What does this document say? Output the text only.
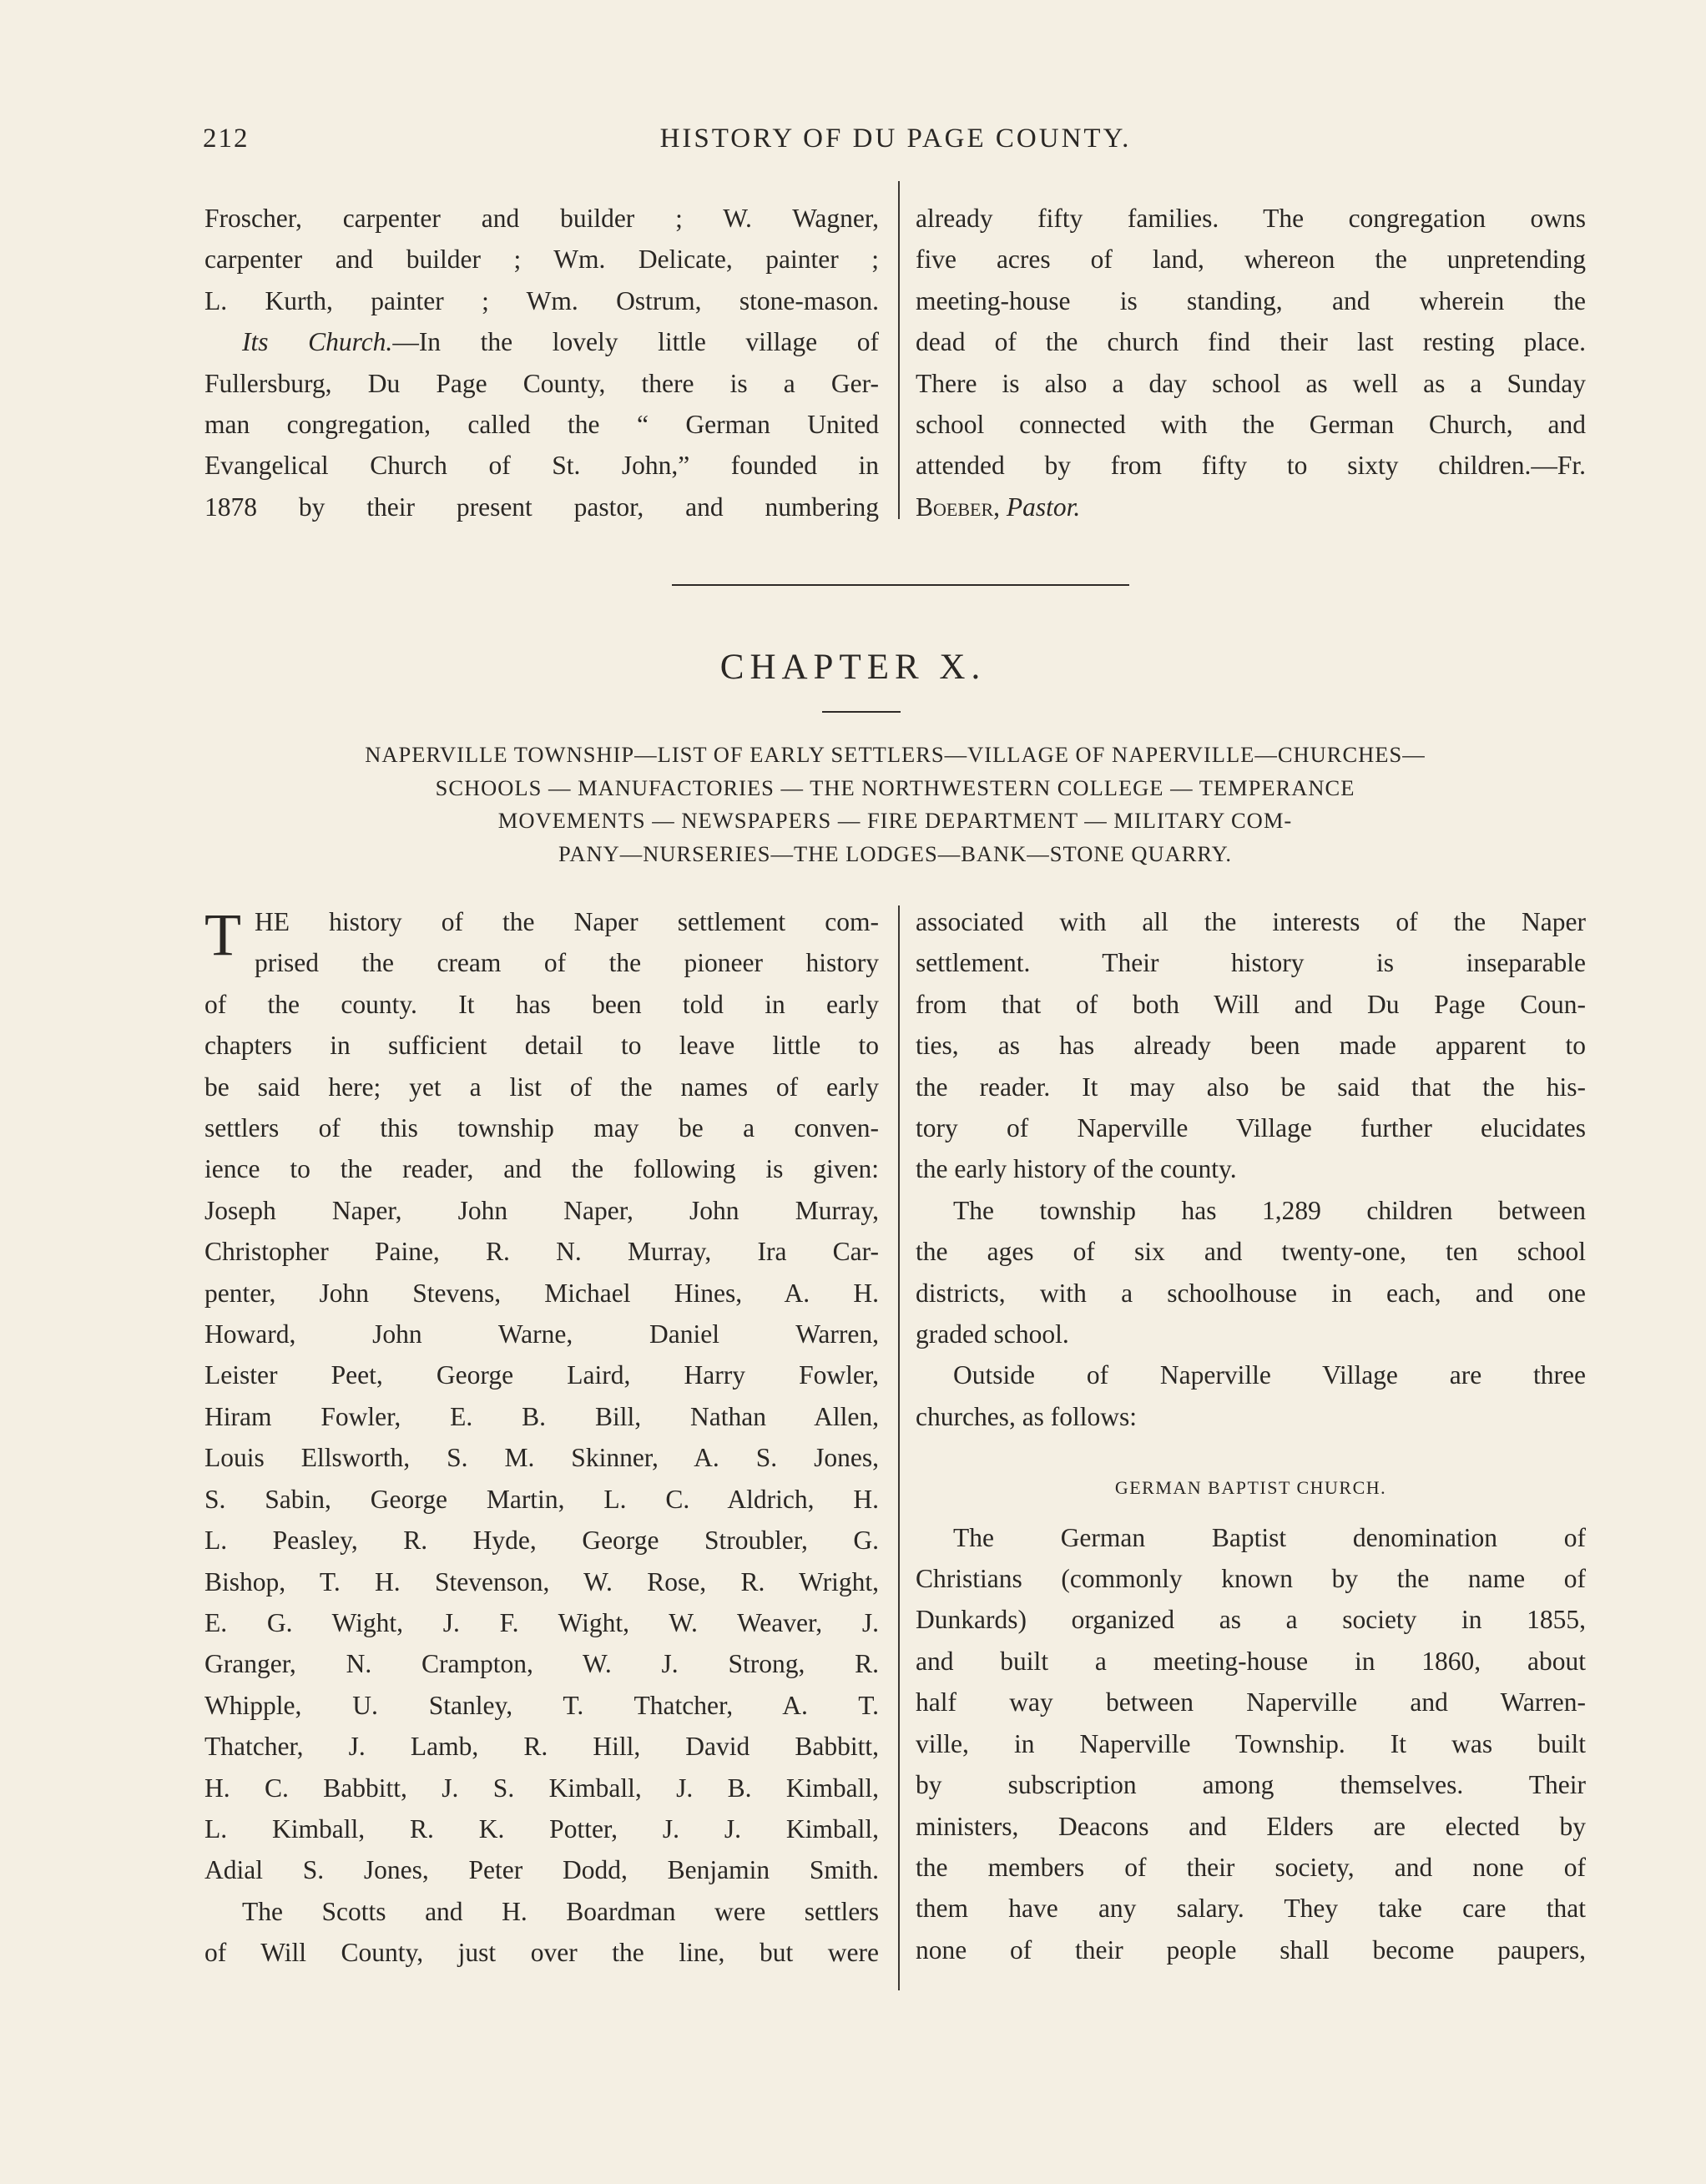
212	HISTORY OF DU PAGE COUNTY.
Froscher, carpenter and builder ; W. Wagner,
carpenter and builder ; Wm. Delicate, painter ;
L. Kurth, painter ; Wm. Ostrum, stone-mason.
Its Church.—In the lovely little village of
Fullersburg, Du Page County, there is a Ger-
man congregation, called the “ German United
Evangelical Church of St. John,” founded in
1878 by their present pastor, and numbering
already fifty families. The congregation owns
five acres of land, whereon the unpretending
meeting-house is standing, and wherein the
dead of the church find their last resting place.
There is also a day school as well as a Sunday
school connected with the German Church, and
attended by from fifty to sixty children.—Fr.
Boeber, Pastor.
CHAPTER X.
NAPERVILLE TOWNSHIP—LIST OF EARLY SETTLERS—VILLAGE OF NAPERVILLE—CHURCHES—
SCHOOLS — MANUFACTORIES — THE NORTHWESTERN COLLEGE — TEMPERANCE
MOVEMENTS — NEWSPAPERS — FIRE DEPARTMENT — MILITARY COM-
PANY—NURSERIES—THE LODGES—BANK—STONE QUARRY.
T HE history of the Naper settlement com-
prised the cream of the pioneer history
of the county. It has been told in early
chapters in sufficient detail to leave little to
be said here; yet a list of the names of early
settlers of this township may be a conven-
ience to the reader, and the following is given:
Joseph Naper, John Naper, John Murray,
Christopher Paine, R. N. Murray, Ira Car-
penter, John Stevens, Michael Hines, A. H.
Howard, John Warne, Daniel Warren,
Leister Peet, George Laird, Harry Fowler,
Hiram Fowler, E. B. Bill, Nathan Allen,
Louis Ellsworth, S. M. Skinner, A. S. Jones,
S. Sabin, George Martin, L. C. Aldrich, H.
L. Peasley, R. Hyde, George Stroubler, G.
Bishop, T. H. Stevenson, W. Rose, R. Wright,
E. G. Wight, J. F. Wight, W. Weaver, J.
Granger, N. Crampton, W. J. Strong, R.
Whipple, U. Stanley, T. Thatcher, A. T.
Thatcher, J. Lamb, R. Hill, David Babbitt,
H. C. Babbitt, J. S. Kimball, J. B. Kimball,
L. Kimball, R. K. Potter, J. J. Kimball,
Adial S. Jones, Peter Dodd, Benjamin Smith.
The Scotts and H. Boardman were settlers
of Will County, just over the line, but were
associated with all the interests of the Naper
settlement. Their history is inseparable
from that of both Will and Du Page Coun-
ties, as has already been made apparent to
the reader. It may also be said that the his-
tory of Naperville Village further elucidates
the early history of the county.
The township has 1,289 children between
the ages of six and twenty-one, ten school
districts, with a schoolhouse in each, and one
graded school.
Outside of Naperville Village are three
churches, as follows:
GERMAN BAPTIST CHURCH.
The German Baptist denomination of
Christians (commonly known by the name of
Dunkards) organized as a society in 1855,
and built a meeting-house in 1860, about
half way between Naperville and Warren-
ville, in Naperville Township. It was built
by subscription among themselves. Their
ministers, Deacons and Elders are elected by
the members of their society, and none of
them have any salary. They take care that
none of their people shall become paupers,
